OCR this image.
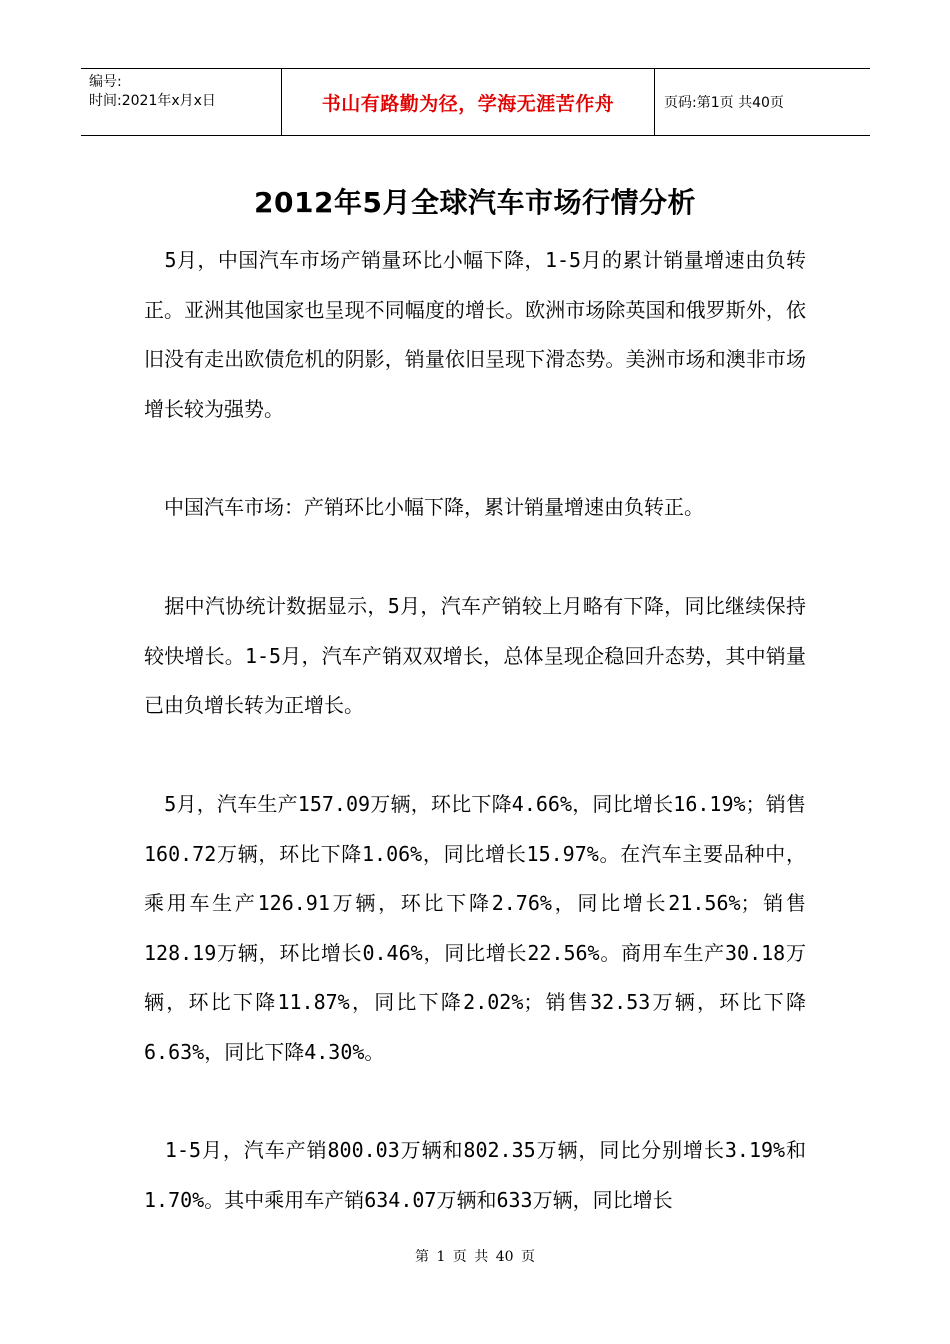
编号:
时间:2021年x月x日	书山有路勤为径，学海无涯苦作舟	页码:第1页 共40页
2012年5月全球汽车市场行情分析

　5月，中国汽车市场产销量环比小幅下降，1-5月的累计销量增速由负转正。亚洲其他国家也呈现不同幅度的增长。欧洲市场除英国和俄罗斯外，依旧没有走出欧债危机的阴影，销量依旧呈现下滑态势。美洲市场和澳非市场增长较为强势。

　中国汽车市场：产销环比小幅下降，累计销量增速由负转正。

　据中汽协统计数据显示，5月，汽车产销较上月略有下降，同比继续保持较快增长。1-5月，汽车产销双双增长，总体呈现企稳回升态势，其中销量已由负增长转为正增长。

　5月，汽车生产157.09万辆，环比下降4.66%，同比增长16.19%；销售160.72万辆，环比下降1.06%，同比增长15.97%。在汽车主要品种中，乘用车生产126.91万辆，环比下降2.76%，同比增长21.56%；销售128.19万辆，环比增长0.46%，同比增长22.56%。商用车生产30.18万辆，环比下降11.87%，同比下降2.02%；销售32.53万辆，环比下降6.63%，同比下降4.30%。

　1-5月，汽车产销800.03万辆和802.35万辆，同比分别增长3.19%和1.70%。其中乘用车产销634.07万辆和633万辆，同比增长

第 1 页 共 40 页
